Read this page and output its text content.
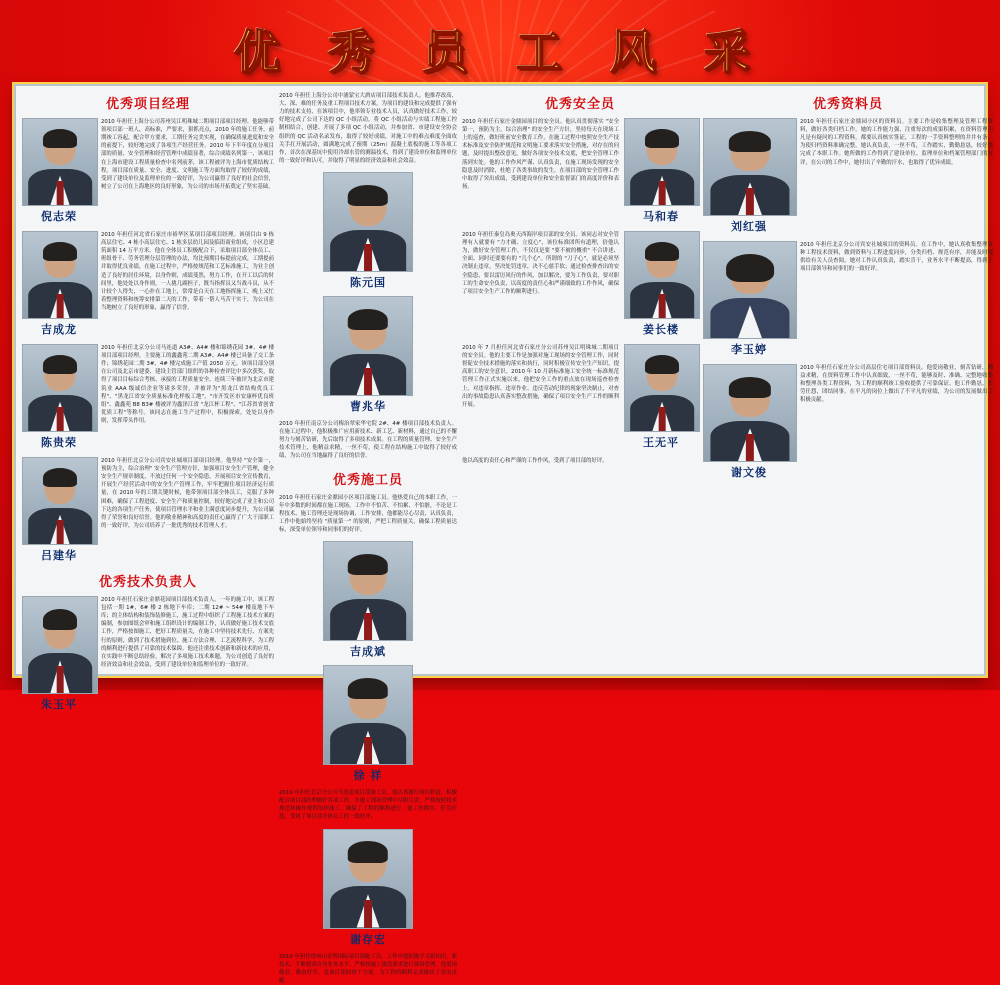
优 秀 员 工 风 采
优秀项目经理
倪志荣
2010 年担任上海分公司苏州吴江明珠城二期项目部项目经理。他能够带领项目部一班人，高标准，严要求，狠抓亮点，2010 年的施工任务，前期竣工容起，配合甲方要求，工期任务完美实现，在确保质量进度和安全的前提下，较好地完成了各项生产经营任务。2010 年下半年度在分项目部的质量、安全管理和经营管理中成绩显著，综合成绩名列第一，该项目在上海市建设工程质量检查中名列前茅，该工程被评为上海市优质结构工程。项目部在质量、安全、进度、文明施工等方面均取得了较好的成绩，受到了建设单位及监理单位的一致好评，为公司赢得了良好的社会信誉，树立了公司在上海地区的良好形象，为公司的市场开拓奠定了坚实基础。
吉成龙
2010 年担任河北省石家庄市裕华区某项目部项目经理。该项目由 9 栋高层住宅、4 栋小高层住宅、1 栋多层幼儿园及临街商业组成，小区总建筑面积 14 万平方米。他在全体员工积极配合下，采取项目部全体员工、班组骨干、劳务管理分层管理的办法，均比预期目标提前完成，工期提前并取得优良业绩。在施工过程中，严格按规范和工艺标准施工，为业主创造了良好的居住环境，以身作则，成绩斐然，努力工作，在开工以后的时间里，他处处以身作则，一人挑几副担子，既当指挥员又当战斗员，从不计较个人得失，一心扑在工地上，常常是白天在工地指挥施工，晚上又忙着整理资料和统筹安排第二天的工作，带着一帮人马苦干实干，为公司在当地树立了良好的形象，赢得了信誉。
陈贵荣
2010 年担任北京分公司马连道 A3#、A4# 楼和锦绣花园 3#、4# 楼项目部项目经理。主要施工的鑫鑫苑二期 A3#、A4# 楼已具备了交工条件；锦绣花园二期 3#、4# 楼完成施工产值 2050 万元。该项目部分别在公司及北京市建委、建设主管部门组织的各种检查评比中多次获奖，取得了项目目标综合考核、承接的工程质量安全、连续三年被评为北京市建筑业 AAA 级诚信企业等诸多荣誉，并被评为"黑龙江省结构优良工程"、"黑龙江省安全质量标准化样板工地"，"市开发区市安康杯优良班组"、鑫鑫苑 B8 B3# 楼被评为鑫泽江省 "龙江杯工程"、"江苏省省创省优质工程"等称号。该同志在施工生产过程中，积极探索，处处以身作则，发挥带头作用。
吕建华
2010 年担任北京分公司宾安社城项目部项目经理。他坚持 "安全第一，预防为主，综合治理" 安全生产管理方针，加强项目安全生产管理，健全安全生产规章制度，不放过任何一个安全隐患，开展项目安全宣传教育，开展生产经营活动中的安全生产管理工作，牢牢把握住项目经济运行质量，在 2010 年的工期关键时候，他带领项目部全体员工，克服了多种困难，确保了工程进度、安全生产和质量控制，较好地完成了业主和公司下达的各项生产任务，使项目管理水平和业主满意度同步提升，为公司赢得了荣誉和良好信誉。他的敬业精神和高度的责任心赢得了广大干部职工的一致好评，为公司培养了一批优秀的技术管理人才。
优秀技术负责人
朱玉平
2010 年担任石家庄金鼎花园项目部技术负责人。一年的施工中，该工程包括一期 1#、6# 楼 2 栋地下车库；二期 12# ~ 54# 楼及地下车库；的主体结构和装饰装修施工，施工过程中组织了工程施工技术方案的编制，参加图纸会审和施工组织设计的编制工作，认真做好施工技术交底工作，严格按图施工，把好工程质量关，在施工中坚持技术先行、方案先行的原则，做到了技术措施到位、施工方法合理、工艺流程科学，为工程的顺利进行提供了可靠的技术保障。他还注重技术创新和新技术的应用，在实践中不断总结经验，解决了多项施工技术难题，为公司创造了良好的经济效益和社会效益，受到了建设单位和监理单位的一致好评。
2010 年担任上海分公司中浦蒙宝大酒店项目部技术负责人。他推荐改高、大、深、难的任务及重工程项目技术方案，为项目的建设和完成提供了强有力的技术支持，在该项目中，他率领专业技术人员，认真做好技术工作，较好地完成了公司下达的 QC 小组活动，将 QC 小组活动与实绩工程施工控制相结合，创建、开展了多项 QC 小组活动，并参加省、市建设安全协会组织的 QC 活动名录发布，取得了较好成绩，对施工中的难点难度全面攻关手扛开展活动，圆满地完成了预期（25m）混凝土底板的施工等各项工作，首次在深基坑中使用冷却水管的测温技术，得到了建设单位和监理单位的一致好评和认可，并取得了明显的经济效益和社会效益。
陈元国
曹兆华
2010 年担任南京分公司梅治翠家华宅院 2#、4# 楼项目部技术负责人。在施工过程中，他积极推广应用新技术、新工艺、新材料，通过自己的不懈努力与刻苦钻研，先后取得了多项技术成果。在工程的质量管理、安全生产技术管理上，他精益求精，一丝不苟，使工程在结构施工中取得了较好成绩，为公司在当地赢得了良好的信誉。
优秀施工员
2010 年担任石家庄金鼎园小区项目部施工员。他热爱自己的本职工作，一年中多数的时间都在施工现场，工作中不怕苦、不怕累、不怕脏，不论是工程技术、施工管理还是现场协调、工作安排，他都能尽心尽责，认真负责，工作中他始终坚持 "质量第一" 的原则，严把工程质量关，确保工程质量达标，深受单位领导和同事们的好评。
吉成斌
徐 祥
2010 年担任北京分公司马连道项目部施工员。他认真履行岗位职责，积极配合项目部经理做好各项工作，在施工现场管理中尽职尽责，严格按照技术规范和操作规程组织施工，确保了工程的顺利进行。他工作踏实，任劳任怨，受到了项目部全体员工的一致好评。
谢存宏
2010 年担任徐州山金博国际项目部施工员。工作中他积极学习新知识、新技术，不断提高自身业务水平，严格按施工规范要求进行现场管理，他爱岗敬业、勤奋好学，是项目部的骨干力量，为工程的顺利完成做出了突出贡献。
优秀安全员
马和春
2010 年担任石家庄金鼎园项目的安全员。他认真贯彻落实 "安全第一，预防为主，综合治理" 的安全生产方针，坚持每天在现场工上的巡查，做好班前安全教育工作，在施工过程中按照安全生产技术标准及安全防护规范和文明施工要求落实安全措施，对存在的问题，及时提出整改意见，做好各项安全技术交底，把安全管理工作落到实处。他的工作作风严谨、认真负责，在施工现场发现的安全隐患及时消除，杜绝了各类事故的发生，在项目部的安全管理工作中取得了突出成绩，受到建设单位和安全监督部门的高度评价和表扬。
姜长楼
2010 年担任秦皇岛奥天西海岸项目部的安全员。该同志对安全管理有人就要有 "力才确、立度心"，该位标准团所有道理，倍他认为，做好安全管理工作，不仅仅是要 "要不被的概重" 不合讲述、全面、同时还要要有的 "几个心"。所谓的 "刀子心"，就是必须坚决制止违章，坚决处罚违章，决不心慈手软；通过检查排查出的安全隐患，要以雷厉风行的作风，加以解决，要为工作负责，要对职工的生命安全负责，以高度的责任心和严谨细致的工作作风，确保了项目安全生产工作的顺利进行。
王无平
2010 年 7 月担任河北省石家庄分公司苏州吴江明珠城二期项目的安全员。他的主要工作是加强对施工现场的安全管理工作，同时督促安全技术措施的落实和执行，同时积极宣传安全生产知识，提高职工的安全意识。2010 年 10 月新标准施工安全统一标准规范管理工作正式实施以来，他把安全工作的重点放在现场巡查检查上，对违章指挥、违章作业、违反劳动纪律的现象坚决制止，对查出的事故隐患认真落实整改措施，确保了项目安全生产工作的顺利开展。
他以高度的责任心和严谨的工作作风，受到了项目部的好评。
优秀资料员
刘红强
2010 年担任石家庄金鼎园小区的资料员。主要工作是收集整理及管理工程资料，做好各类归档工作，她的工作能力强，注重每次的成果积累，在资料管理中凡是有疑问的工程资料，都要认真核实签证，工程的一手资料整理的井井有条，为使归档资料准确完整，她认真负责，一丝不苟，工作踏实、勤勤恳恳，较好地完成了本职工作。她所做的工作得到了建设单位、监理单位和档案管理部门的好评，在公司的工作中，她付出了辛勤的汗水，也取得了优异成绩。
李玉婷
2010 年担任北京分公司宾安社城项目的资料员。在工作中，她认真收集整理各种工程技术资料，做到资料与工程进度同步，分类归档、规范有序，并能及时提供给有关人员查阅。她对工作认真负责，踏实肯干，业务水平不断提高，得到了项目部领导和同事们的一致好评。
谢文俊
2010 年担任石家庄分公司高层住宅项目部资料员。他爱岗敬业，刻苦钻研，精益求精，在资料管理工作中认真细致，一丝不苟，能够及时、准确、完整地收集和整理各类工程资料，为工程的顺利竣工验收提供了可靠保证。他工作勤恳，任劳任怨，团结同事，在平凡的岗位上做出了不平凡的业绩，为公司的发展做出了积极贡献。
